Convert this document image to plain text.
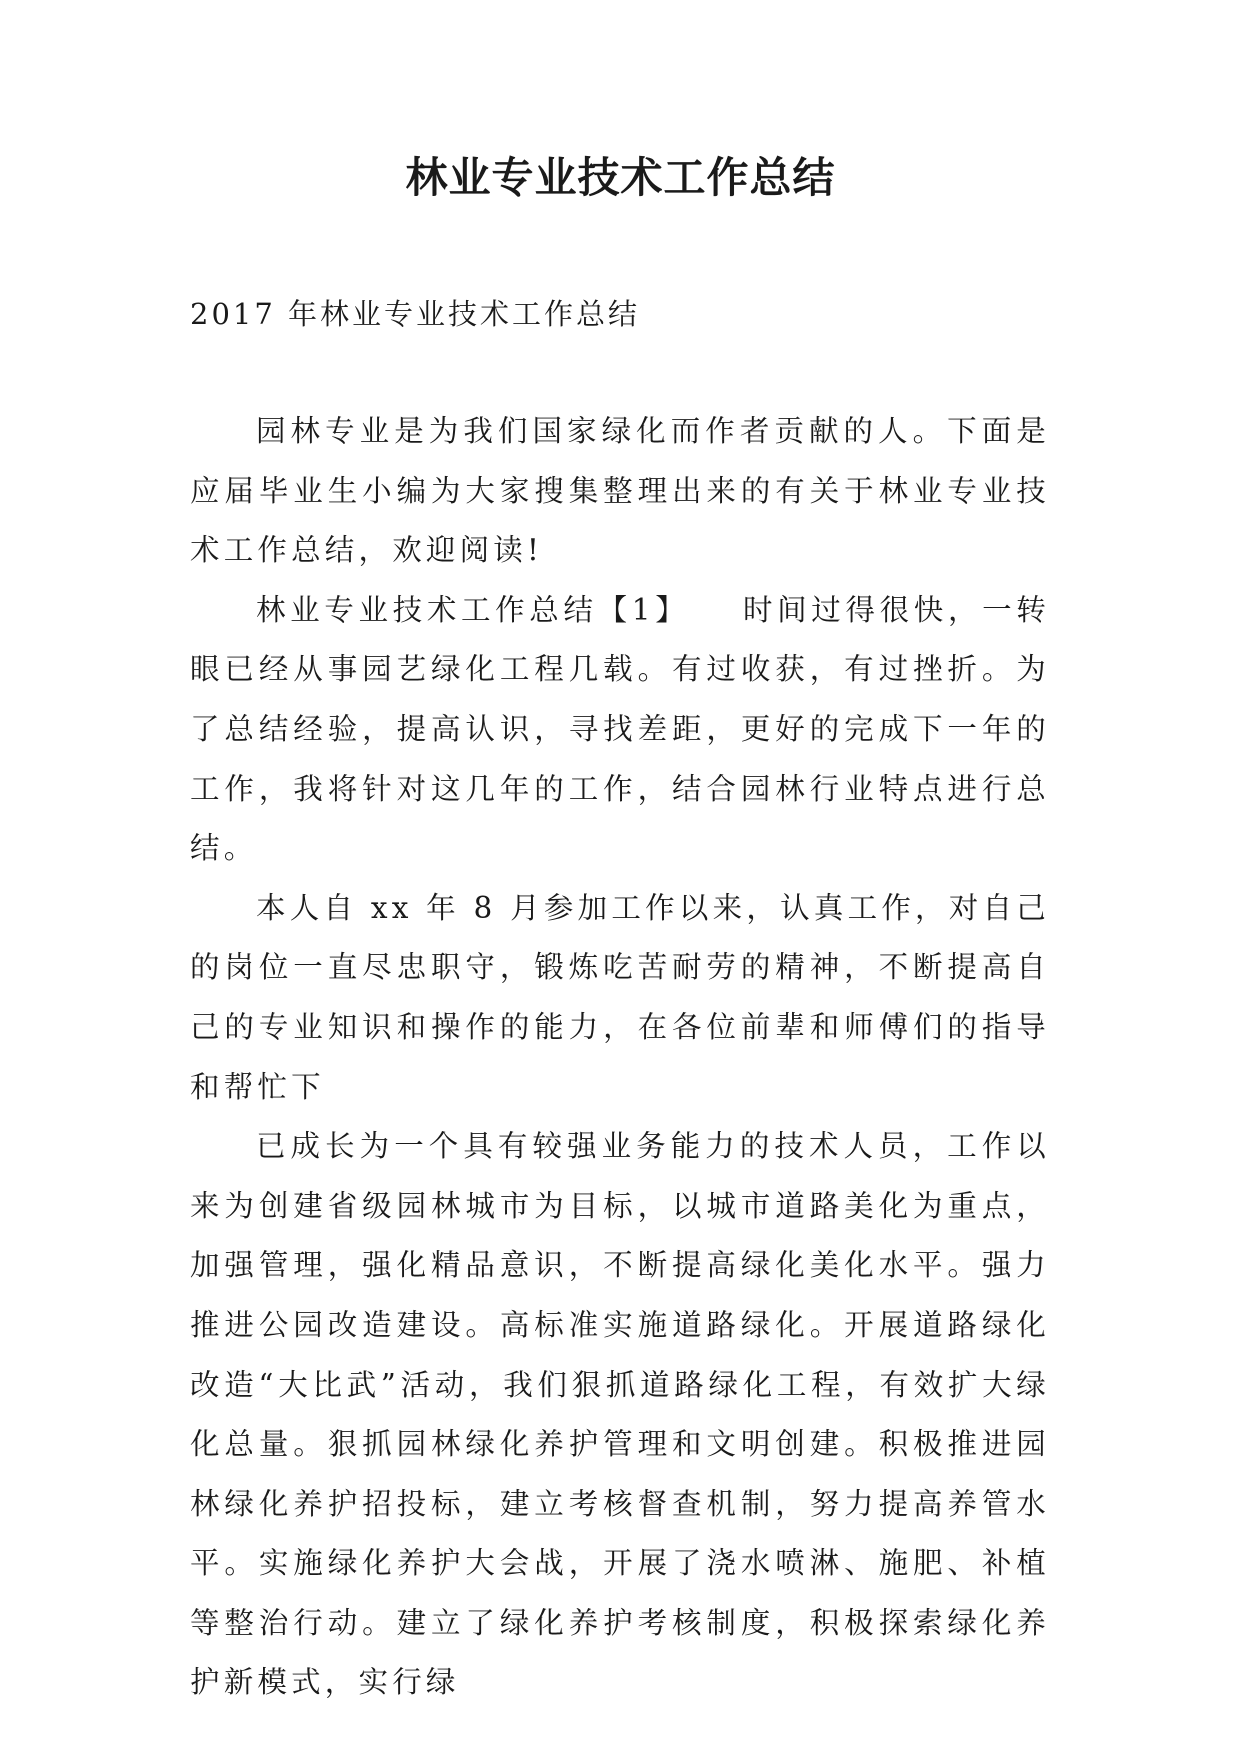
林业专业技术工作总结
2017 年林业专业技术工作总结

园林专业是为我们国家绿化而作者贡献的人。下面是应届毕业生小编为大家搜集整理出来的有关于林业专业技术工作总结，欢迎阅读!

林业专业技术工作总结【1】　　时间过得很快，一转眼已经从事园艺绿化工程几载。有过收获，有过挫折。为了总结经验，提高认识，寻找差距，更好的完成下一年的工作，我将针对这几年的工作，结合园林行业特点进行总结。

本人自 xx 年 8 月参加工作以来，认真工作，对自己的岗位一直尽忠职守，锻炼吃苦耐劳的精神，不断提高自己的专业知识和操作的能力，在各位前辈和师傅们的指导和帮忙下

已成长为一个具有较强业务能力的技术人员，工作以来为创建省级园林城市为目标，以城市道路美化为重点，加强管理，强化精品意识，不断提高绿化美化水平。强力推进公园改造建设。高标准实施道路绿化。开展道路绿化改造“大比武”活动，我们狠抓道路绿化工程，有效扩大绿化总量。狠抓园林绿化养护管理和文明创建。积极推进园林绿化养护招投标，建立考核督查机制，努力提高养管水平。实施绿化养护大会战，开展了浇水喷淋、施肥、补植等整治行动。建立了绿化养护考核制度，积极探索绿化养护新模式，实行绿
